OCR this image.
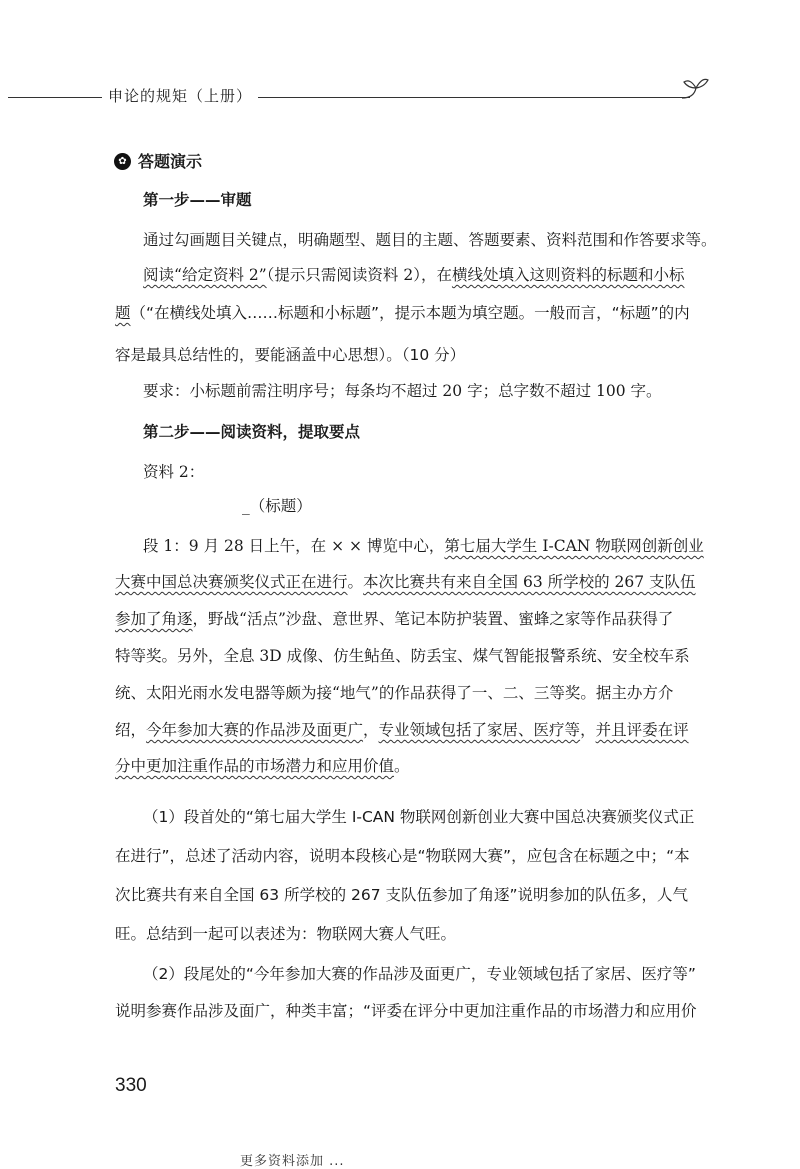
申论的规矩（上册）
✿ 答题演示
第一步——审题
通过勾画题目关键点，明确题型、题目的主题、答题要素、资料范围和作答要求等。
阅读“给定资料 2”（提示只需阅读资料 2），在横线处填入这则资料的标题和小标
题（“在横线处填入……标题和小标题”，提示本题为填空题。一般而言，“标题”的内
容是最具总结性的，要能涵盖中心思想）。（10 分）
要求：小标题前需注明序号；每条均不超过 20 字；总字数不超过 100 字。
第二步——阅读资料，提取要点
资料 2：
_（标题）
段 1：9 月 28 日上午，在 × × 博览中心，第七届大学生 I-CAN 物联网创新创业
大赛中国总决赛颁奖仪式正在进行。本次比赛共有来自全国 63 所学校的 267 支队伍
参加了角逐，野战“活点”沙盘、意世界、笔记本防护装置、蜜蜂之家等作品获得了
特等奖。另外，全息 3D 成像、仿生鲇鱼、防丢宝、煤气智能报警系统、安全校车系
统、太阳光雨水发电器等颇为接“地气”的作品获得了一、二、三等奖。据主办方介
绍，今年参加大赛的作品涉及面更广，专业领域包括了家居、医疗等，并且评委在评
分中更加注重作品的市场潜力和应用价值。
（1）段首处的“第七届大学生 I-CAN 物联网创新创业大赛中国总决赛颁奖仪式正
在进行”，总述了活动内容，说明本段核心是“物联网大赛”，应包含在标题之中；“本
次比赛共有来自全国 63 所学校的 267 支队伍参加了角逐”说明参加的队伍多，人气
旺。总结到一起可以表述为：物联网大赛人气旺。
（2）段尾处的“今年参加大赛的作品涉及面更广，专业领域包括了家居、医疗等”
说明参赛作品涉及面广，种类丰富；“评委在评分中更加注重作品的市场潜力和应用价
330
更多资料添加 ...
